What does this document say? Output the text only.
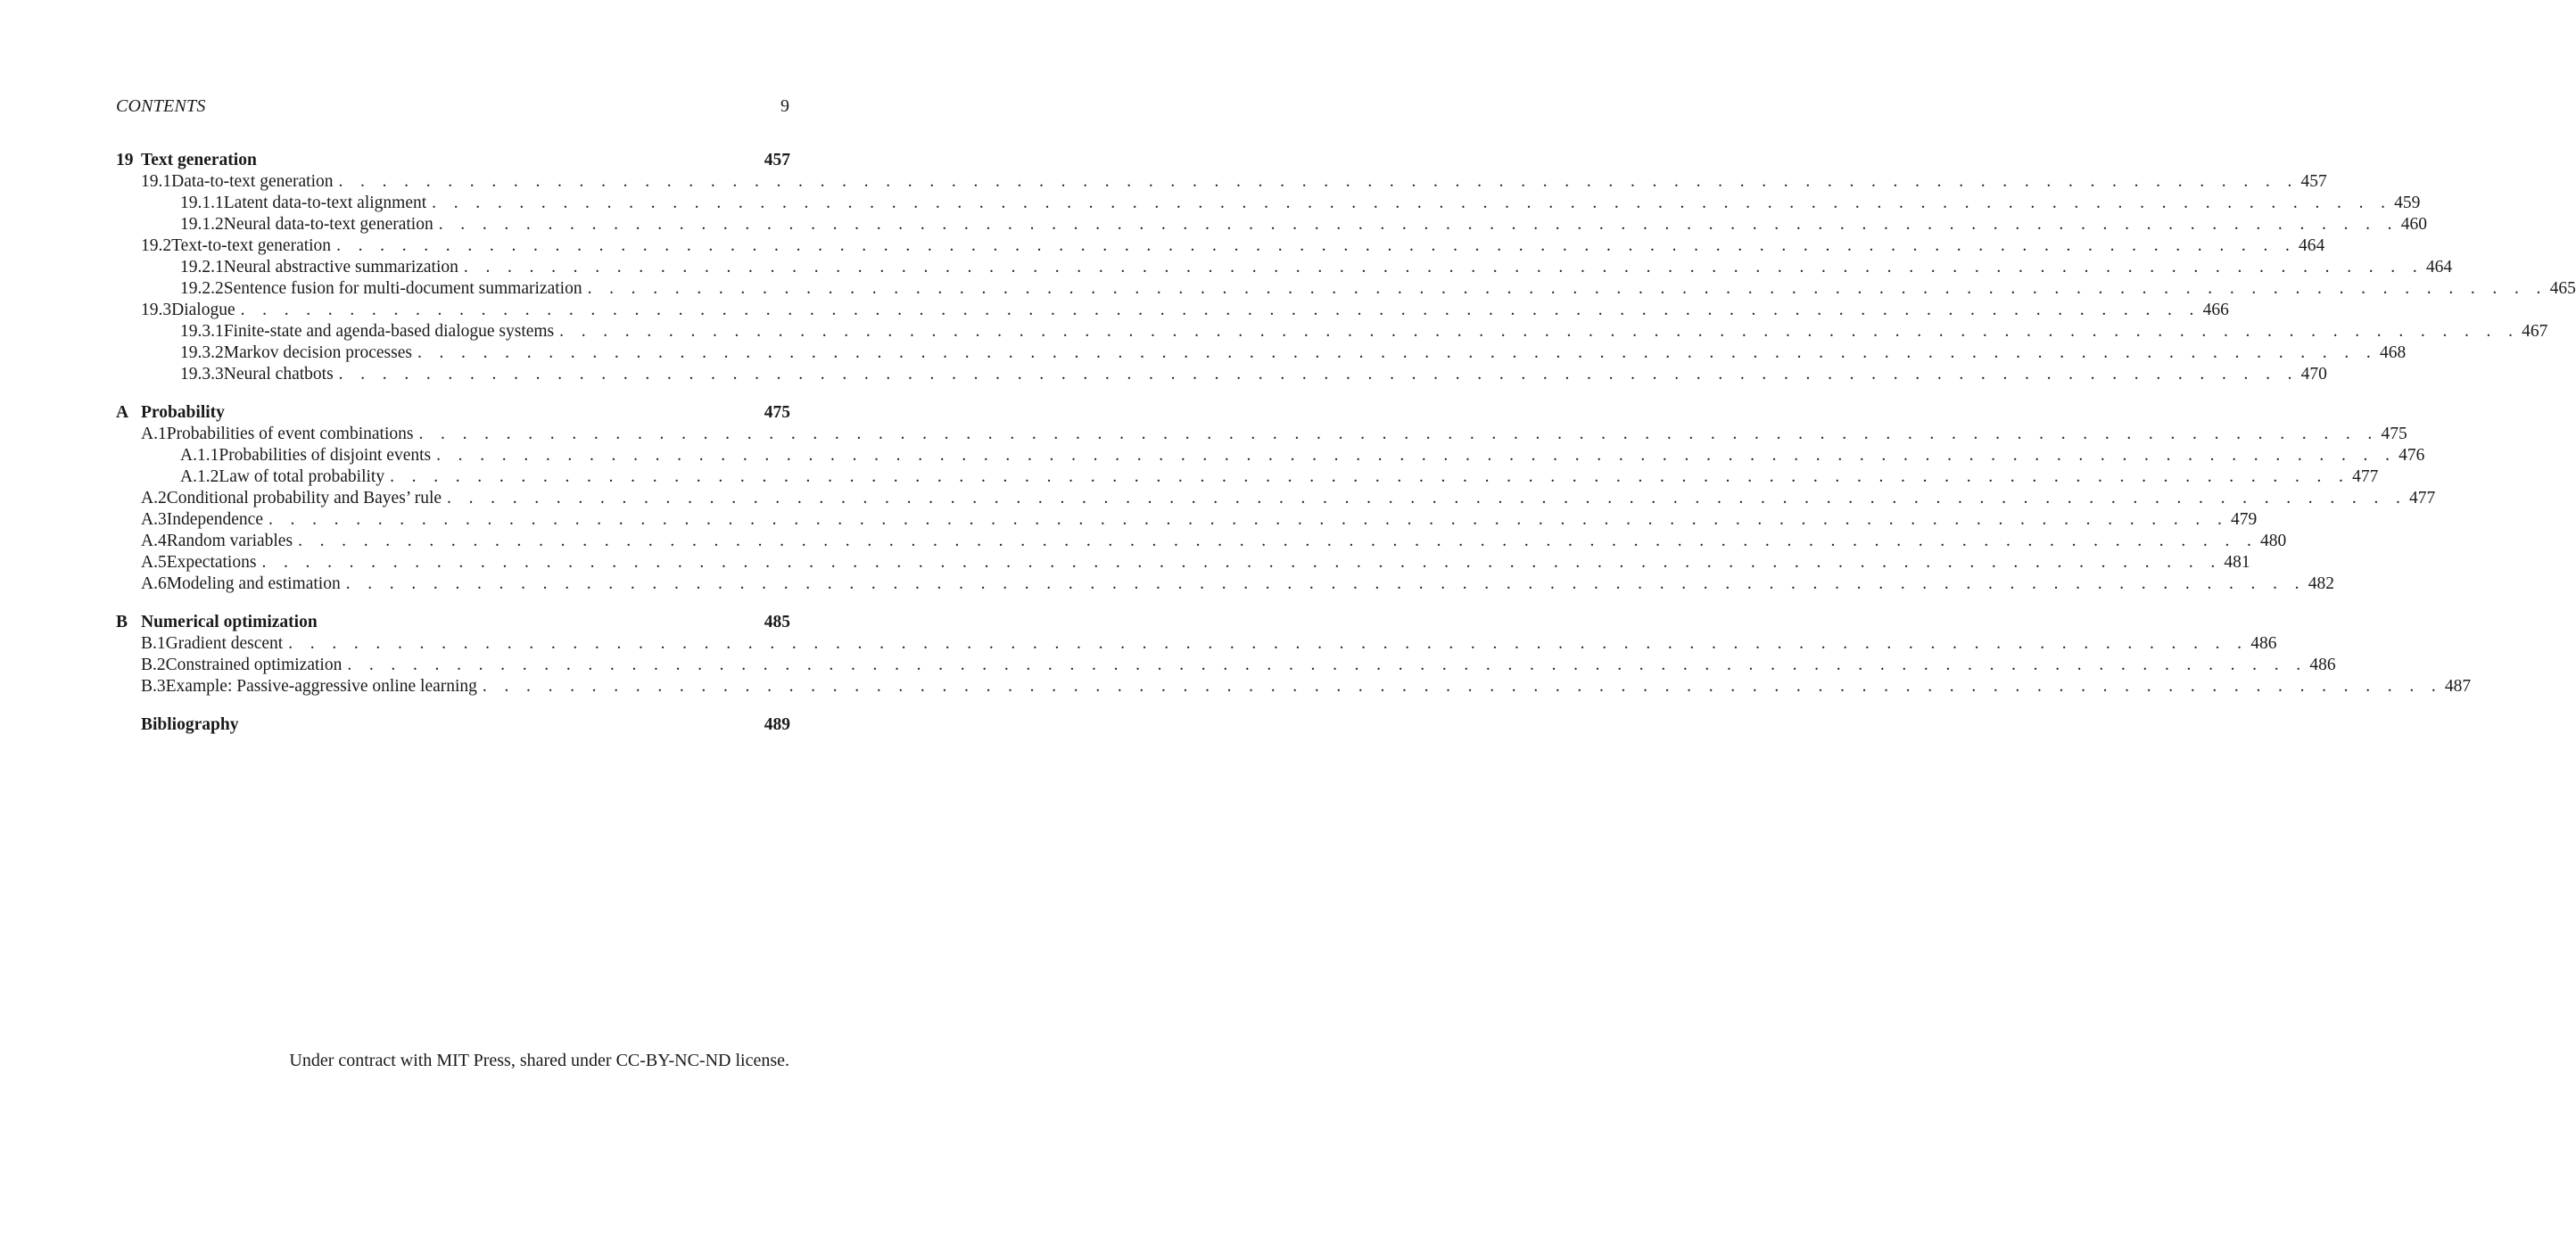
CONTENTS	9
19 Text generation	457
19.1 Data-to-text generation . . . . . . . . . . . . . . . . . . . . . . . . . . . . . . . . . . . . . . . . . . . . . . . . . . . . . . . . . . . . . . . . . . . . . . . . . . . . . . . . . . . . . . . . . . 457
19.1.1 Latent data-to-text alignment . . . . . . . . . . . . . . . . . . . . . . . . . . . . . . . . . . . . . . . . . . . . . . . . . . . . . . . . . . . . . . . . . . . . . . . . . . . . . . . . . . . . . . . . . . 459
19.1.2 Neural data-to-text generation . . . . . . . . . . . . . . . . . . . . . . . . . . . . . . . . . . . . . . . . . . . . . . . . . . . . . . . . . . . . . . . . . . . . . . . . . . . . . . . . . . . . . . . . . . 460
19.2 Text-to-text generation . . . . . . . . . . . . . . . . . . . . . . . . . . . . . . . . . . . . . . . . . . . . . . . . . . . . . . . . . . . . . . . . . . . . . . . . . . . . . . . . . . . . . . . . . . 464
19.2.1 Neural abstractive summarization . . . . . . . . . . . . . . . . . . . . . . . . . . . . . . . . . . . . . . . . . . . . . . . . . . . . . . . . . . . . . . . . . . . . . . . . . . . . . . . . . . . . . . . . . . 464
19.2.2 Sentence fusion for multi-document summarization . . . . . . . . . . . . . . . . . . . . . . . . . . . . . . . . . . . . . . . . . . . . . . . . . . . . . . . . . . . . . . . . . . . . . . . . . . . . . . . . . . . . . . . . . . 465
19.3 Dialogue . . . . . . . . . . . . . . . . . . . . . . . . . . . . . . . . . . . . . . . . . . . . . . . . . . . . . . . . . . . . . . . . . . . . . . . . . . . . . . . . . . . . . . . . . . 466
19.3.1 Finite-state and agenda-based dialogue systems . . . . . . . . . . . . . . . . . . . . . . . . . . . . . . . . . . . . . . . . . . . . . . . . . . . . . . . . . . . . . . . . . . . . . . . . . . . . . . . . . . . . . . . . . . 467
19.3.2 Markov decision processes . . . . . . . . . . . . . . . . . . . . . . . . . . . . . . . . . . . . . . . . . . . . . . . . . . . . . . . . . . . . . . . . . . . . . . . . . . . . . . . . . . . . . . . . . . 468
19.3.3 Neural chatbots . . . . . . . . . . . . . . . . . . . . . . . . . . . . . . . . . . . . . . . . . . . . . . . . . . . . . . . . . . . . . . . . . . . . . . . . . . . . . . . . . . . . . . . . . . 470
A Probability	475
A.1 Probabilities of event combinations . . . . . . . . . . . . . . . . . . . . . . . . . . . . . . . . . . . . . . . . . . . . . . . . . . . . . . . . . . . . . . . . . . . . . . . . . . . . . . . . . . . . . . . . . . 475
A.1.1 Probabilities of disjoint events . . . . . . . . . . . . . . . . . . . . . . . . . . . . . . . . . . . . . . . . . . . . . . . . . . . . . . . . . . . . . . . . . . . . . . . . . . . . . . . . . . . . . . . . . . 476
A.1.2 Law of total probability . . . . . . . . . . . . . . . . . . . . . . . . . . . . . . . . . . . . . . . . . . . . . . . . . . . . . . . . . . . . . . . . . . . . . . . . . . . . . . . . . . . . . . . . . . 477
A.2 Conditional probability and Bayes’ rule . . . . . . . . . . . . . . . . . . . . . . . . . . . . . . . . . . . . . . . . . . . . . . . . . . . . . . . . . . . . . . . . . . . . . . . . . . . . . . . . . . . . . . . . . . 477
A.3 Independence . . . . . . . . . . . . . . . . . . . . . . . . . . . . . . . . . . . . . . . . . . . . . . . . . . . . . . . . . . . . . . . . . . . . . . . . . . . . . . . . . . . . . . . . . . 479
A.4 Random variables . . . . . . . . . . . . . . . . . . . . . . . . . . . . . . . . . . . . . . . . . . . . . . . . . . . . . . . . . . . . . . . . . . . . . . . . . . . . . . . . . . . . . . . . . . 480
A.5 Expectations . . . . . . . . . . . . . . . . . . . . . . . . . . . . . . . . . . . . . . . . . . . . . . . . . . . . . . . . . . . . . . . . . . . . . . . . . . . . . . . . . . . . . . . . . . 481
A.6 Modeling and estimation . . . . . . . . . . . . . . . . . . . . . . . . . . . . . . . . . . . . . . . . . . . . . . . . . . . . . . . . . . . . . . . . . . . . . . . . . . . . . . . . . . . . . . . . . . 482
B Numerical optimization	485
B.1 Gradient descent . . . . . . . . . . . . . . . . . . . . . . . . . . . . . . . . . . . . . . . . . . . . . . . . . . . . . . . . . . . . . . . . . . . . . . . . . . . . . . . . . . . . . . . . . . 486
B.2 Constrained optimization . . . . . . . . . . . . . . . . . . . . . . . . . . . . . . . . . . . . . . . . . . . . . . . . . . . . . . . . . . . . . . . . . . . . . . . . . . . . . . . . . . . . . . . . . . 486
B.3 Example: Passive-aggressive online learning . . . . . . . . . . . . . . . . . . . . . . . . . . . . . . . . . . . . . . . . . . . . . . . . . . . . . . . . . . . . . . . . . . . . . . . . . . . . . . . . . . . . . . . . . . 487
Bibliography	489
Under contract with MIT Press, shared under CC-BY-NC-ND license.
